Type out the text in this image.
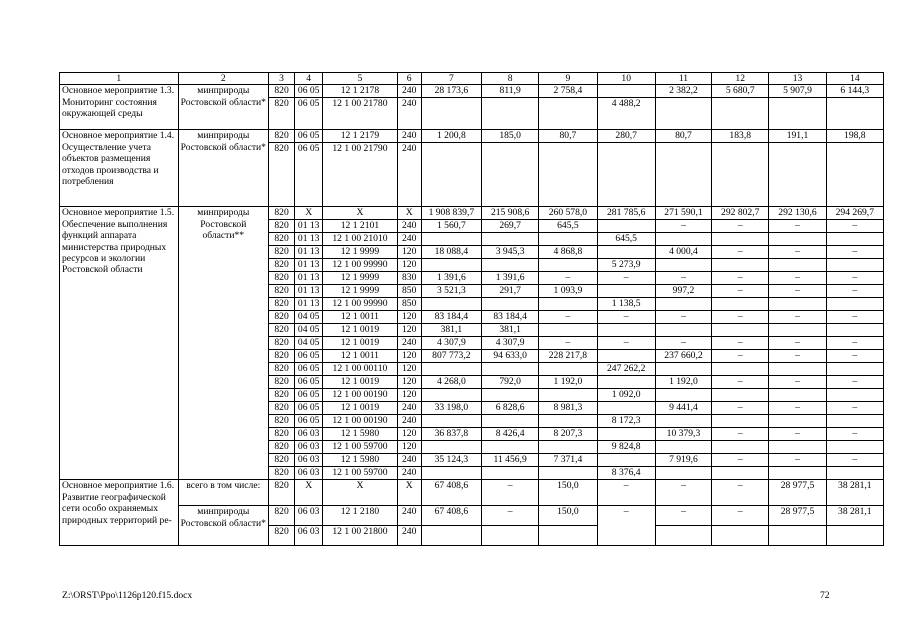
1	2	3	4	5	6	7	8	9	10	11	12	13	14
Основное мероприятие 1.3. Мониторинг состояния окружающей среды	минприроды Ростовской области*	820	06 05	12 1 2178	240	28 173,6	811,9	2 758,4		2 382,2	5 680,7	5 907,9	6 144,3
		820	06 05	12 1 00 21780	240				4 488,2				
Основное мероприятие 1.4. Осуществление учета объектов размещения отходов производства и потребления	минприроды Ростовской области*	820	06 05	12 1 2179	240	1 200,8	185,0	80,7	280,7	80,7	183,8	191,1	198,8
		820	06 05	12 1 00 21790	240								
Основное мероприятие 1.5. Обеспечение выполнения функций аппарата министерства природных ресурсов и экологии Ростовской области	минприроды Ростовской области**	820	X	X	X	1 908 839,7	215 908,6	260 578,0	281 785,6	271 590,1	292 802,7	292 130,6	294 269,7
		820	01 13	12 1 2101	240	1 560,7	269,7	645,5		–	–	–	–
		820	01 13	12 1 00 21010	240				645,5				
		820	01 13	12 1 9999	120	18 088,4	3 945,3	4 868,8		4 000,4	–	–	–
		820	01 13	12 1 00 99990	120				5 273,9				
		820	01 13	12 1 9999	830	1 391,6	1 391,6	–	–	–	–	–	–
		820	01 13	12 1 9999	850	3 521,3	291,7	1 093,9		997,2	–	–	–
		820	01 13	12 1 00 99990	850				1 138,5				
		820	04 05	12 1 0011	120	83 184,4	83 184,4	–	–	–	–	–	–
		820	04 05	12 1 0019	120	381,1	381,1						
		820	04 05	12 1 0019	240	4 307,9	4 307,9	–	–	–	–	–	–
		820	06 05	12 1 0011	120	807 773,2	94 633,0	228 217,8		237 660,2	–	–	–
		820	06 05	12 1 00 00110	120				247 262,2				
		820	06 05	12 1 0019	120	4 268,0	792,0	1 192,0		1 192,0	–	–	–
		820	06 05	12 1 00 00190	120				1 092,0				
		820	06 05	12 1 0019	240	33 198,0	6 828,6	8 981,3		9 441,4	–	–	–
		820	06 05	12 1 00 00190	240				8 172,3				
		820	06 03	12 1 5980	120	36 837,8	8 426,4	8 207,3		10 379,3	–	–	–
		820	06 03	12 1 00 59700	120				9 824,8				
		820	06 03	12 1 5980	240	35 124,3	11 456,9	7 371,4		7 919,6	–	–	–
		820	06 03	12 1 00 59700	240				8 376,4				
Основное мероприятие 1.6. Развитие географической сети особо охраняемых природных территорий ре-	всего в том числе:	820	X	X	X	67 408,6	–	150,0	–	–	–	28 977,5	38 281,1
	минприроды Ростовской области*	820	06 03	12 1 2180	240	67 408,6	–	150,0	–	–	–	28 977,5	38 281,1
		820	06 03	12 1 00 21800	240								
Z:\ORST\Ppo\1126p120.f15.docx	72
